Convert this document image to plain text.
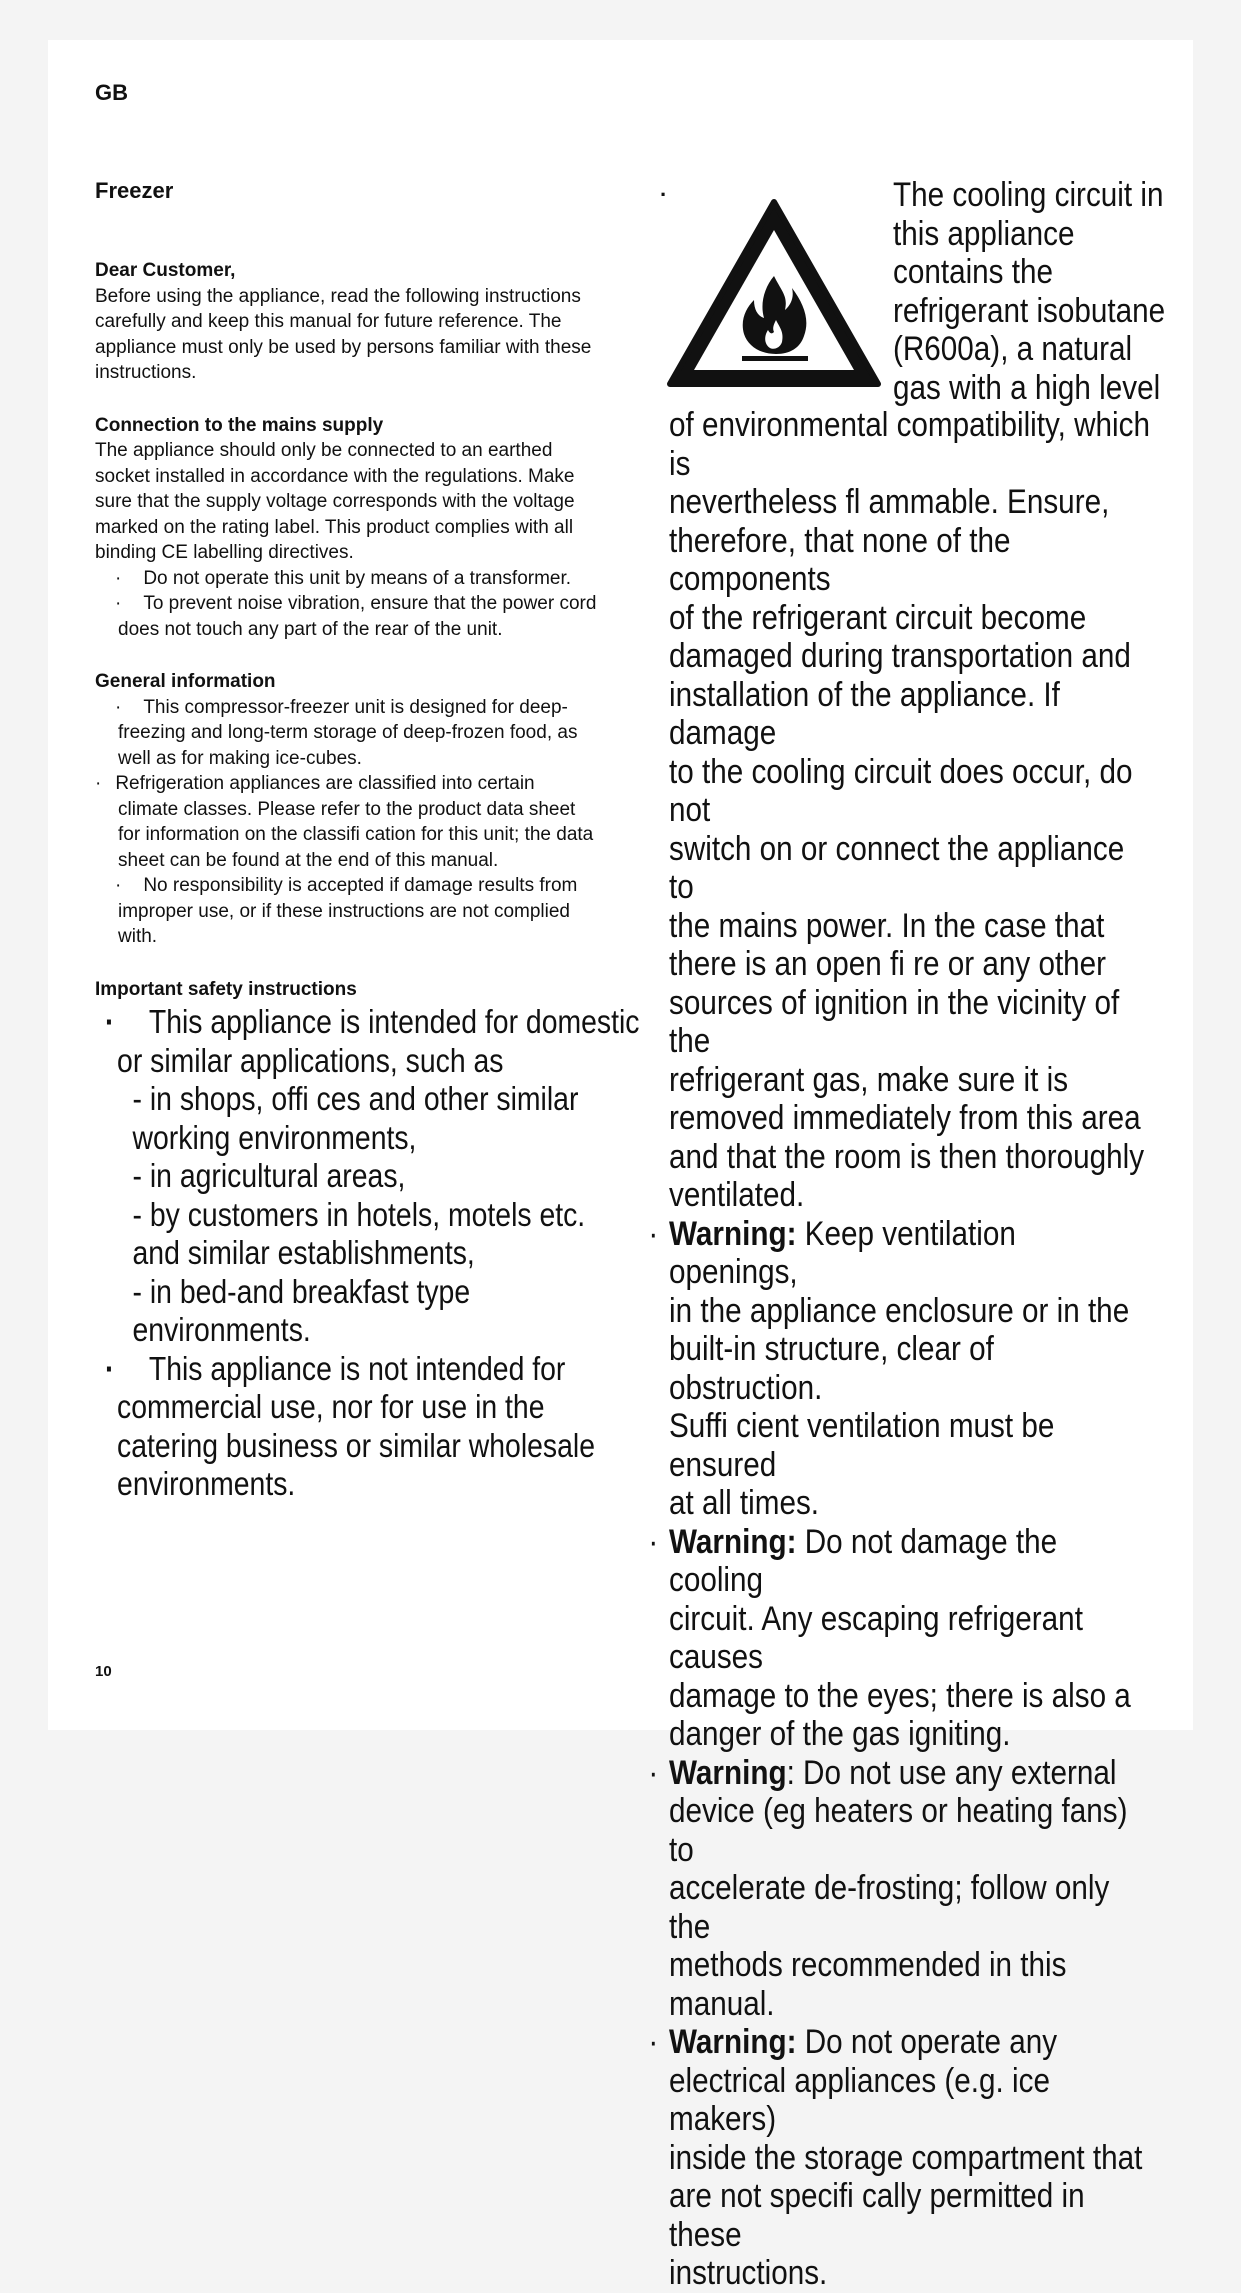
GB
Freezer

Dear Customer,

Before using the appliance, read the following instructions

carefully and keep this manual for future reference. The

appliance must only be used by persons familiar with these

instructions.

Connection to the mains supply

The appliance should only be connected to an earthed

socket installed in accordance with the regulations. Make

sure that the supply voltage corresponds with the voltage

marked on the rating label. This product complies with all

binding CE labelling directives.

· Do not operate this unit by means of a transformer.

· To prevent noise vibration, ensure that the power cord

does not touch any part of the rear of the unit.

General information

· This compressor-freezer unit is designed for deep-

freezing and long-term storage of deep-frozen food, as

well as for making ice-cubes.

· Refrigeration appliances are classified into certain

climate classes. Please refer to the product data sheet

for information on the classifi cation for this unit; the data

sheet can be found at the end of this manual.

· No responsibility is accepted if damage results from

improper use, or if these instructions are not complied

with.

Important safety instructions

· This appliance is intended for domestic
or similar applications, such as
- in shops, offi ces and other similar
working environments,
- in agricultural areas,
- by customers in hotels, motels etc.
and similar establishments,
- in bed-and breakfast type
environments.
· This appliance is not intended for
commercial use, nor for use in the
catering business or similar wholesale
environments.
·	The cooling circuit in
this appliance
contains the
refrigerant isobutane
(R600a), a natural
gas with a high level
of environmental compatibility, which is
nevertheless fl ammable. Ensure,
therefore, that none of the components
of the refrigerant circuit become
damaged during transportation and
installation of the appliance. If damage
to the cooling circuit does occur, do not
switch on or connect the appliance to
the mains power. In the case that
there is an open fi re or any other
sources of ignition in the vicinity of the
refrigerant gas, make sure it is
removed immediately from this area
and that the room is then thoroughly
ventilated.
· Warning: Keep ventilation openings,
in the appliance enclosure or in the
built-in structure, clear of obstruction.
Suffi cient ventilation must be ensured
at all times.
· Warning: Do not damage the cooling
circuit. Any escaping refrigerant causes
damage to the eyes; there is also a
danger of the gas igniting.
· Warning: Do not use any external
device (eg heaters or heating fans) to
accelerate de-frosting; follow only the
methods recommended in this manual.
· Warning: Do not operate any
electrical appliances (e.g. ice makers)
inside the storage compartment that
are not specifi cally permitted in these
instructions.
10
